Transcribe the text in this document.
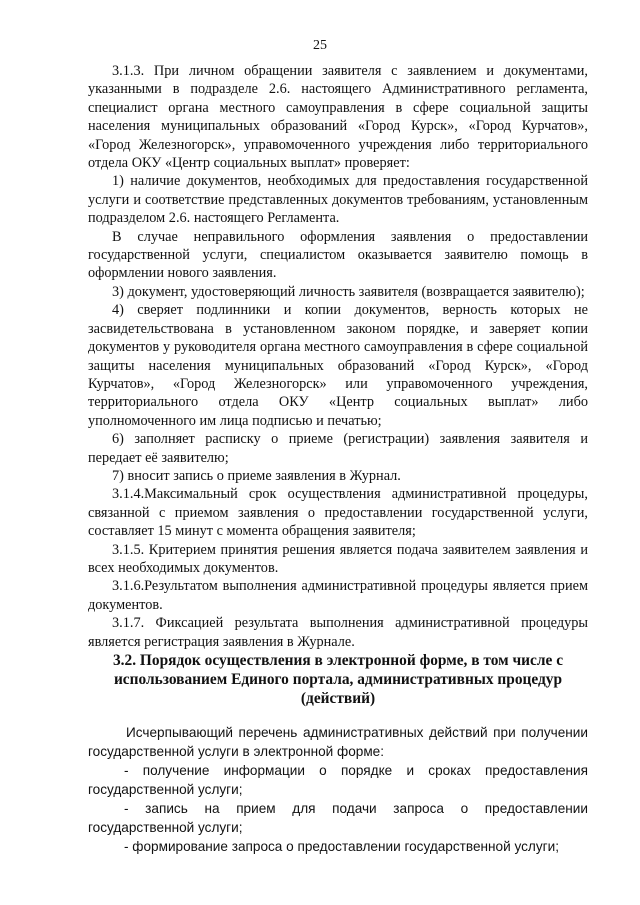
25

3.1.3. При личном обращении заявителя с заявлением и документами, указанными в подразделе 2.6. настоящего Административного регламента, специалист органа местного самоуправления в сфере социальной защиты населения муниципальных образований «Город Курск», «Город Курчатов», «Город Железногорск», управомоченного учреждения либо территориального отдела ОКУ «Центр социальных выплат» проверяет:

1) наличие документов, необходимых для предоставления государственной услуги и соответствие представленных документов требованиям, установленным подразделом 2.6. настоящего Регламента.

В случае неправильного оформления заявления о предоставлении государственной услуги, специалистом оказывается заявителю помощь в оформлении нового заявления.

3) документ, удостоверяющий личность заявителя (возвращается заявителю);

4) сверяет подлинники и копии документов, верность которых не засвидетельствована в установленном законом порядке, и заверяет копии документов у руководителя органа местного самоуправления в сфере социальной защиты населения муниципальных образований «Город Курск», «Город Курчатов», «Город Железногорск» или управомоченного учреждения, территориального отдела ОКУ «Центр социальных выплат» либо уполномоченного им лица подписью и печатью;

6) заполняет расписку о приеме (регистрации) заявления заявителя и передает её заявителю;

7) вносит запись о приеме заявления в Журнал.

3.1.4.Максимальный срок осуществления административной процедуры, связанной с приемом заявления о предоставлении государственной услуги, составляет 15 минут с момента обращения заявителя;

3.1.5. Критерием принятия решения является подача заявителем заявления и всех необходимых документов.

3.1.6.Результатом выполнения административной процедуры является прием документов.

3.1.7. Фиксацией результата выполнения административной процедуры является регистрация заявления в Журнале.

3.2. Порядок осуществления в электронной форме, в том числе с использованием Единого портала, административных процедур (действий)

Исчерпывающий перечень административных действий при получении государственной услуги в электронной форме:

- получение информации о порядке и сроках предоставления государственной услуги;

- запись на прием для подачи запроса о предоставлении государственной услуги;

- формирование запроса о предоставлении государственной услуги;
